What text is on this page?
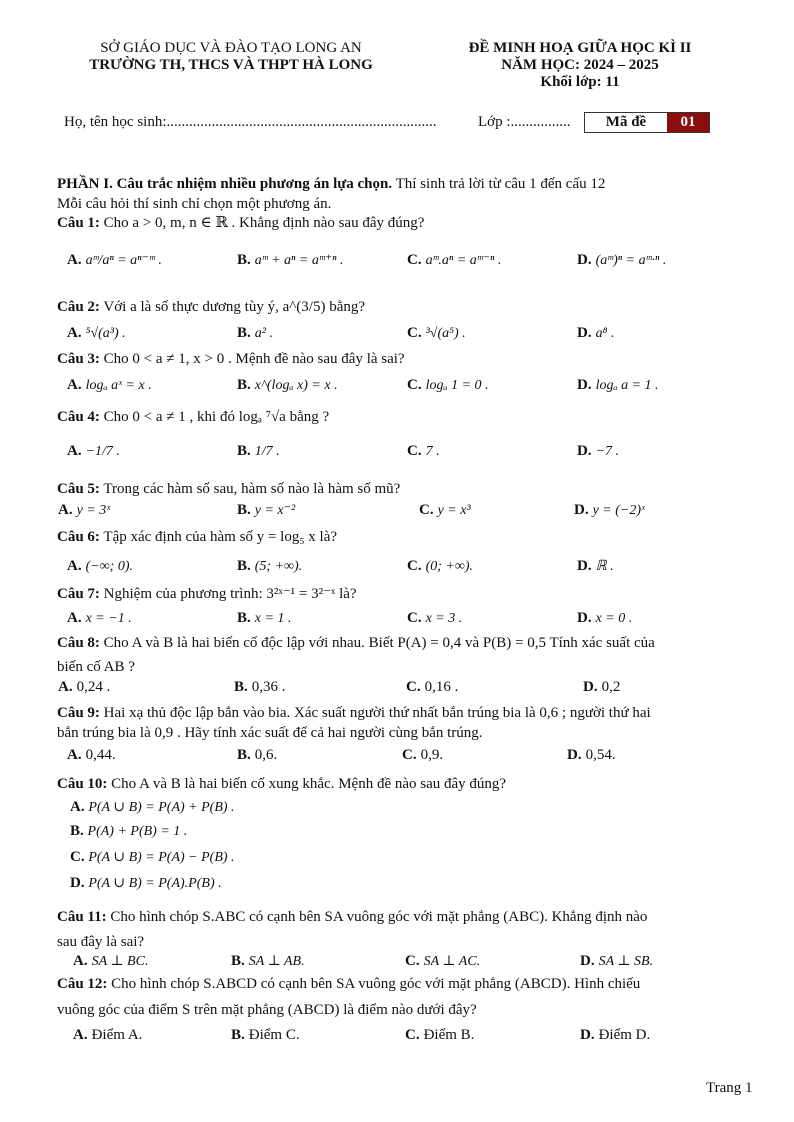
SỞ GIÁO DỤC VÀ ĐÀO TẠO LONG AN
TRƯỜNG TH, THCS VÀ THPT HÀ LONG
ĐỀ MINH HOẠ GIỮA HỌC KÌ II
NĂM HỌC: 2024 – 2025
Khối lớp: 11
Họ, tên học sinh:........................................................................	Lớp :................	Mã đề	01
PHẦN I. Câu trắc nhiệm nhiều phương án lựa chọn. Thí sinh trả lời từ câu 1 đến cấu 12
Mỗi câu hỏi thí sinh chỉ chọn một phương án.
Câu 1: Cho a > 0, m, n ∈ ℝ . Khẳng định nào sau đây đúng?
A. aᵐ/aⁿ = aⁿ⁻ᵐ .	B. aᵐ + aⁿ = aᵐ⁺ⁿ .	C. aᵐ.aⁿ = aᵐ⁻ⁿ .	D. (aᵐ)ⁿ = aᵐ·ⁿ .
Câu 2: Với a là số thực dương tùy ý, a^(3/5) bằng?
A. ⁵√(a³) .	B. a² .	C. ³√(a⁵) .	D. a⁸ .
Câu 3: Cho 0 < a ≠ 1, x > 0 . Mệnh đề nào sau đây là sai?
A. logₐ aˣ = x .	B. x^(logₐ x) = x .	C. logₐ 1 = 0 .	D. logₐ a = 1 .
Câu 4: Cho 0 < a ≠ 1 , khi đó logₐ ⁷√a bằng ?
A. −1/7 .	B. 1/7 .	C. 7 .	D. −7 .
Câu 5: Trong các hàm số sau, hàm số nào là hàm số mũ?
A. y = 3ˣ	B. y = x⁻²	C. y = x³	D. y = (−2)ˣ
Câu 6: Tập xác định của hàm số y = log₅ x là?
A. (−∞; 0).	B. (5; +∞).	C. (0; +∞).	D. ℝ .
Câu 7: Nghiệm của phương trình: 3²ˣ⁻¹ = 3²⁻ˣ là?
A. x = −1 .	B. x = 1 .	C. x = 3 .	D. x = 0 .
Câu 8: Cho A và B là hai biến cố độc lập với nhau. Biết P(A) = 0,4 và P(B) = 0,5 Tính xác suất của
biến cố AB ?
A. 0,24 .	B. 0,36 .	C. 0,16 .	D. 0,2
Câu 9: Hai xạ thủ độc lập bắn vào bia. Xác suất người thứ nhất bắn trúng bia là 0,6 ; người thứ hai
bắn trúng bia là 0,9 . Hãy tính xác suất để cả hai người cùng bắn trúng.
A. 0,44.	B. 0,6.	C. 0,9.	D. 0,54.
Câu 10: Cho A và B là hai biến cố xung khắc. Mệnh đề nào sau đây đúng?
A. P(A ∪ B) = P(A) + P(B) .
B. P(A) + P(B) = 1 .
C. P(A ∪ B) = P(A) − P(B) .
D. P(A ∪ B) = P(A).P(B) .
Câu 11: Cho hình chóp S.ABC có cạnh bên SA vuông góc với mặt phẳng (ABC). Khẳng định nào
sau đây là sai?
A. SA ⊥ BC.	B. SA ⊥ AB.	C. SA ⊥ AC.	D. SA ⊥ SB.
Câu 12: Cho hình chóp S.ABCD có cạnh bên SA vuông góc với mặt phẳng (ABCD). Hình chiếu
vuông góc của điểm S trên mặt phẳng (ABCD) là điểm nào dưới đây?
A. Điểm A.	B. Điểm C.	C. Điểm B.	D. Điểm D.
Trang 1
